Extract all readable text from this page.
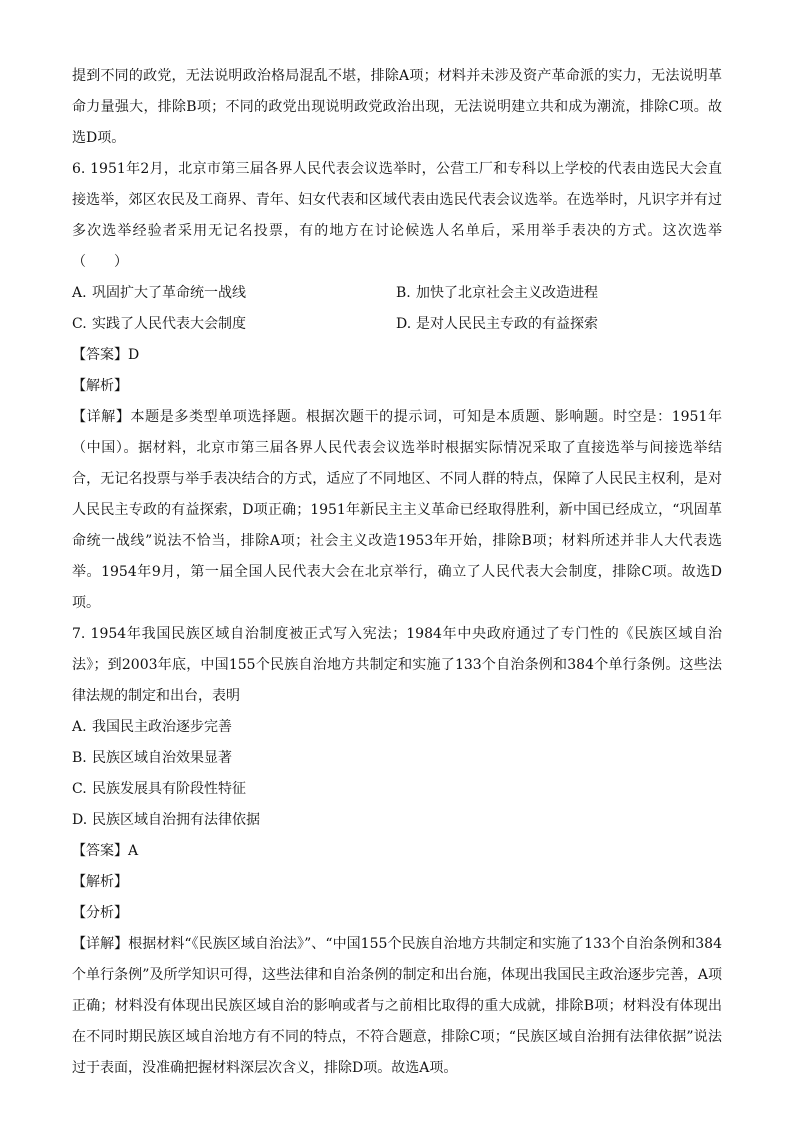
提到不同的政党，无法说明政治格局混乱不堪，排除A项；材料并未涉及资产革命派的实力，无法说明革命力量强大，排除B项；不同的政党出现说明政党政治出现，无法说明建立共和成为潮流，排除C项。故选D项。

6. 1951年2月，北京市第三届各界人民代表会议选举时，公营工厂和专科以上学校的代表由选民大会直接选举，郊区农民及工商界、青年、妇女代表和区域代表由选民代表会议选举。在选举时，凡识字并有过多次选举经验者采用无记名投票，有的地方在讨论候选人名单后，采用举手表决的方式。这次选举（　　）

A. 巩固扩大了革命统一战线	B. 加快了北京社会主义改造进程
C. 实践了人民代表大会制度	D. 是对人民民主专政的有益探索
【答案】D
【解析】

【详解】本题是多类型单项选择题。根据次题干的提示词，可知是本质题、影响题。时空是：1951年（中国）。据材料，北京市第三届各界人民代表会议选举时根据实际情况采取了直接选举与间接选举结合，无记名投票与举手表决结合的方式，适应了不同地区、不同人群的特点，保障了人民民主权利，是对人民民主专政的有益探索，D项正确；1951年新民主主义革命已经取得胜利，新中国已经成立，“巩固革命统一战线”说法不恰当，排除A项；社会主义改造1953年开始，排除B项；材料所述并非人大代表选举。1954年9月，第一届全国人民代表大会在北京举行，确立了人民代表大会制度，排除C项。故选D项。

7. 1954年我国民族区域自治制度被正式写入宪法；1984年中央政府通过了专门性的《民族区域自治法》；到2003年底，中国155个民族自治地方共制定和实施了133个自治条例和384个单行条例。这些法律法规的制定和出台，表明

A. 我国民主政治逐步完善
B. 民族区域自治效果显著
C. 民族发展具有阶段性特征
D. 民族区域自治拥有法律依据
【答案】A
【解析】
【分析】

【详解】根据材料“《民族区域自治法》”、“中国155个民族自治地方共制定和实施了133个自治条例和384个单行条例”及所学知识可得，这些法律和自治条例的制定和出台施，体现出我国民主政治逐步完善，A项正确；材料没有体现出民族区域自治的影响或者与之前相比取得的重大成就，排除B项；材料没有体现出在不同时期民族区域自治地方有不同的特点，不符合题意，排除C项；“民族区域自治拥有法律依据”说法过于表面，没准确把握材料深层次含义，排除D项。故选A项。
